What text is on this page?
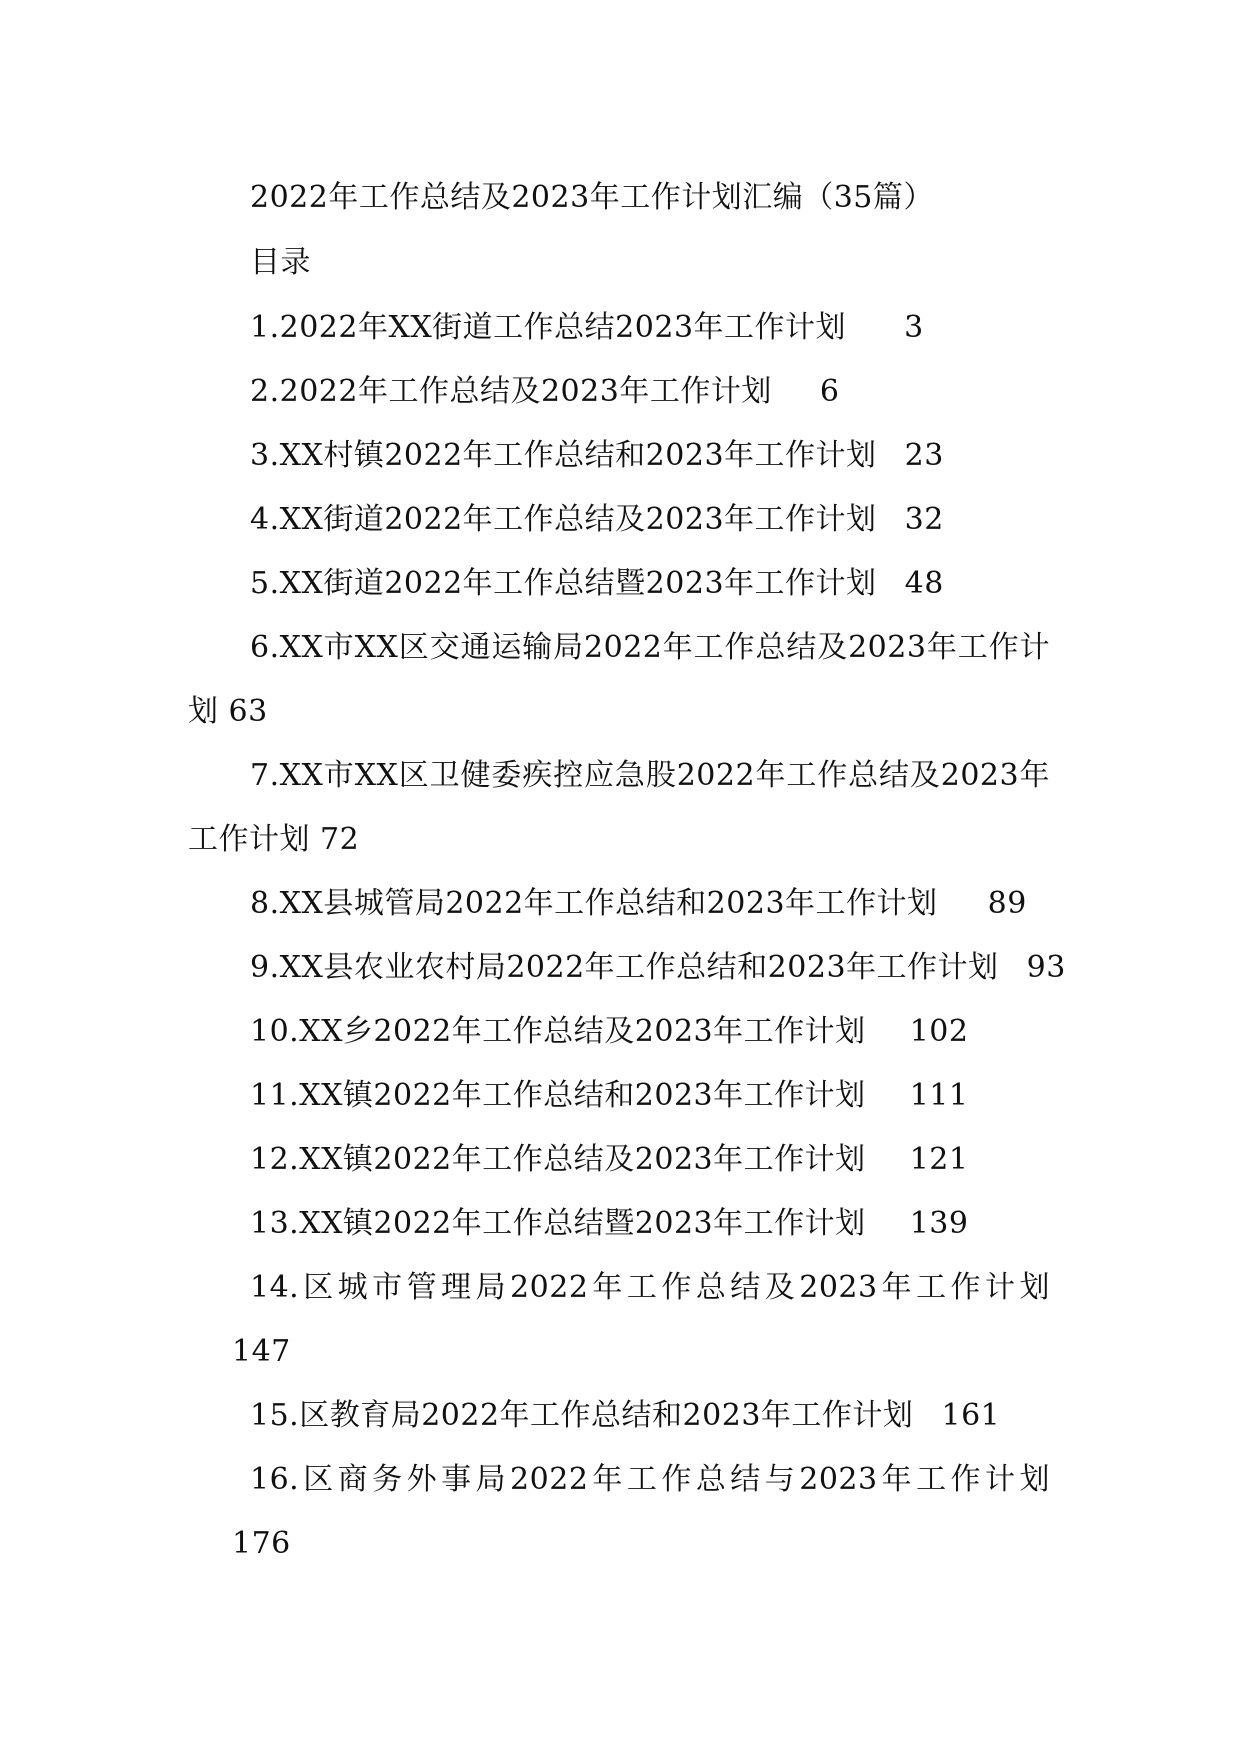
2022年工作总结及2023年工作计划汇编（35篇）
目录
1.2022年XX街道工作总结2023年工作计划 3
2.2022年工作总结及2023年工作计划 6
3.XX村镇2022年工作总结和2023年工作计划 23
4.XX街道2022年工作总结及2023年工作计划 32
5.XX街道2022年工作总结暨2023年工作计划 48
6.XX市XX区交通运输局2022年工作总结及2023年工作计
划 63
7.XX市XX区卫健委疾控应急股2022年工作总结及2023年
工作计划 72
8.XX县城管局2022年工作总结和2023年工作计划 89
9.XX县农业农村局2022年工作总结和2023年工作计划 93
10.XX乡2022年工作总结及2023年工作计划 102
11.XX镇2022年工作总结和2023年工作计划 111
12.XX镇2022年工作总结及2023年工作计划 121
13.XX镇2022年工作总结暨2023年工作计划 139
14.区城市管理局2022年工作总结及2023年工作计划
147
15.区教育局2022年工作总结和2023年工作计划 161
16.区商务外事局2022年工作总结与2023年工作计划
176
